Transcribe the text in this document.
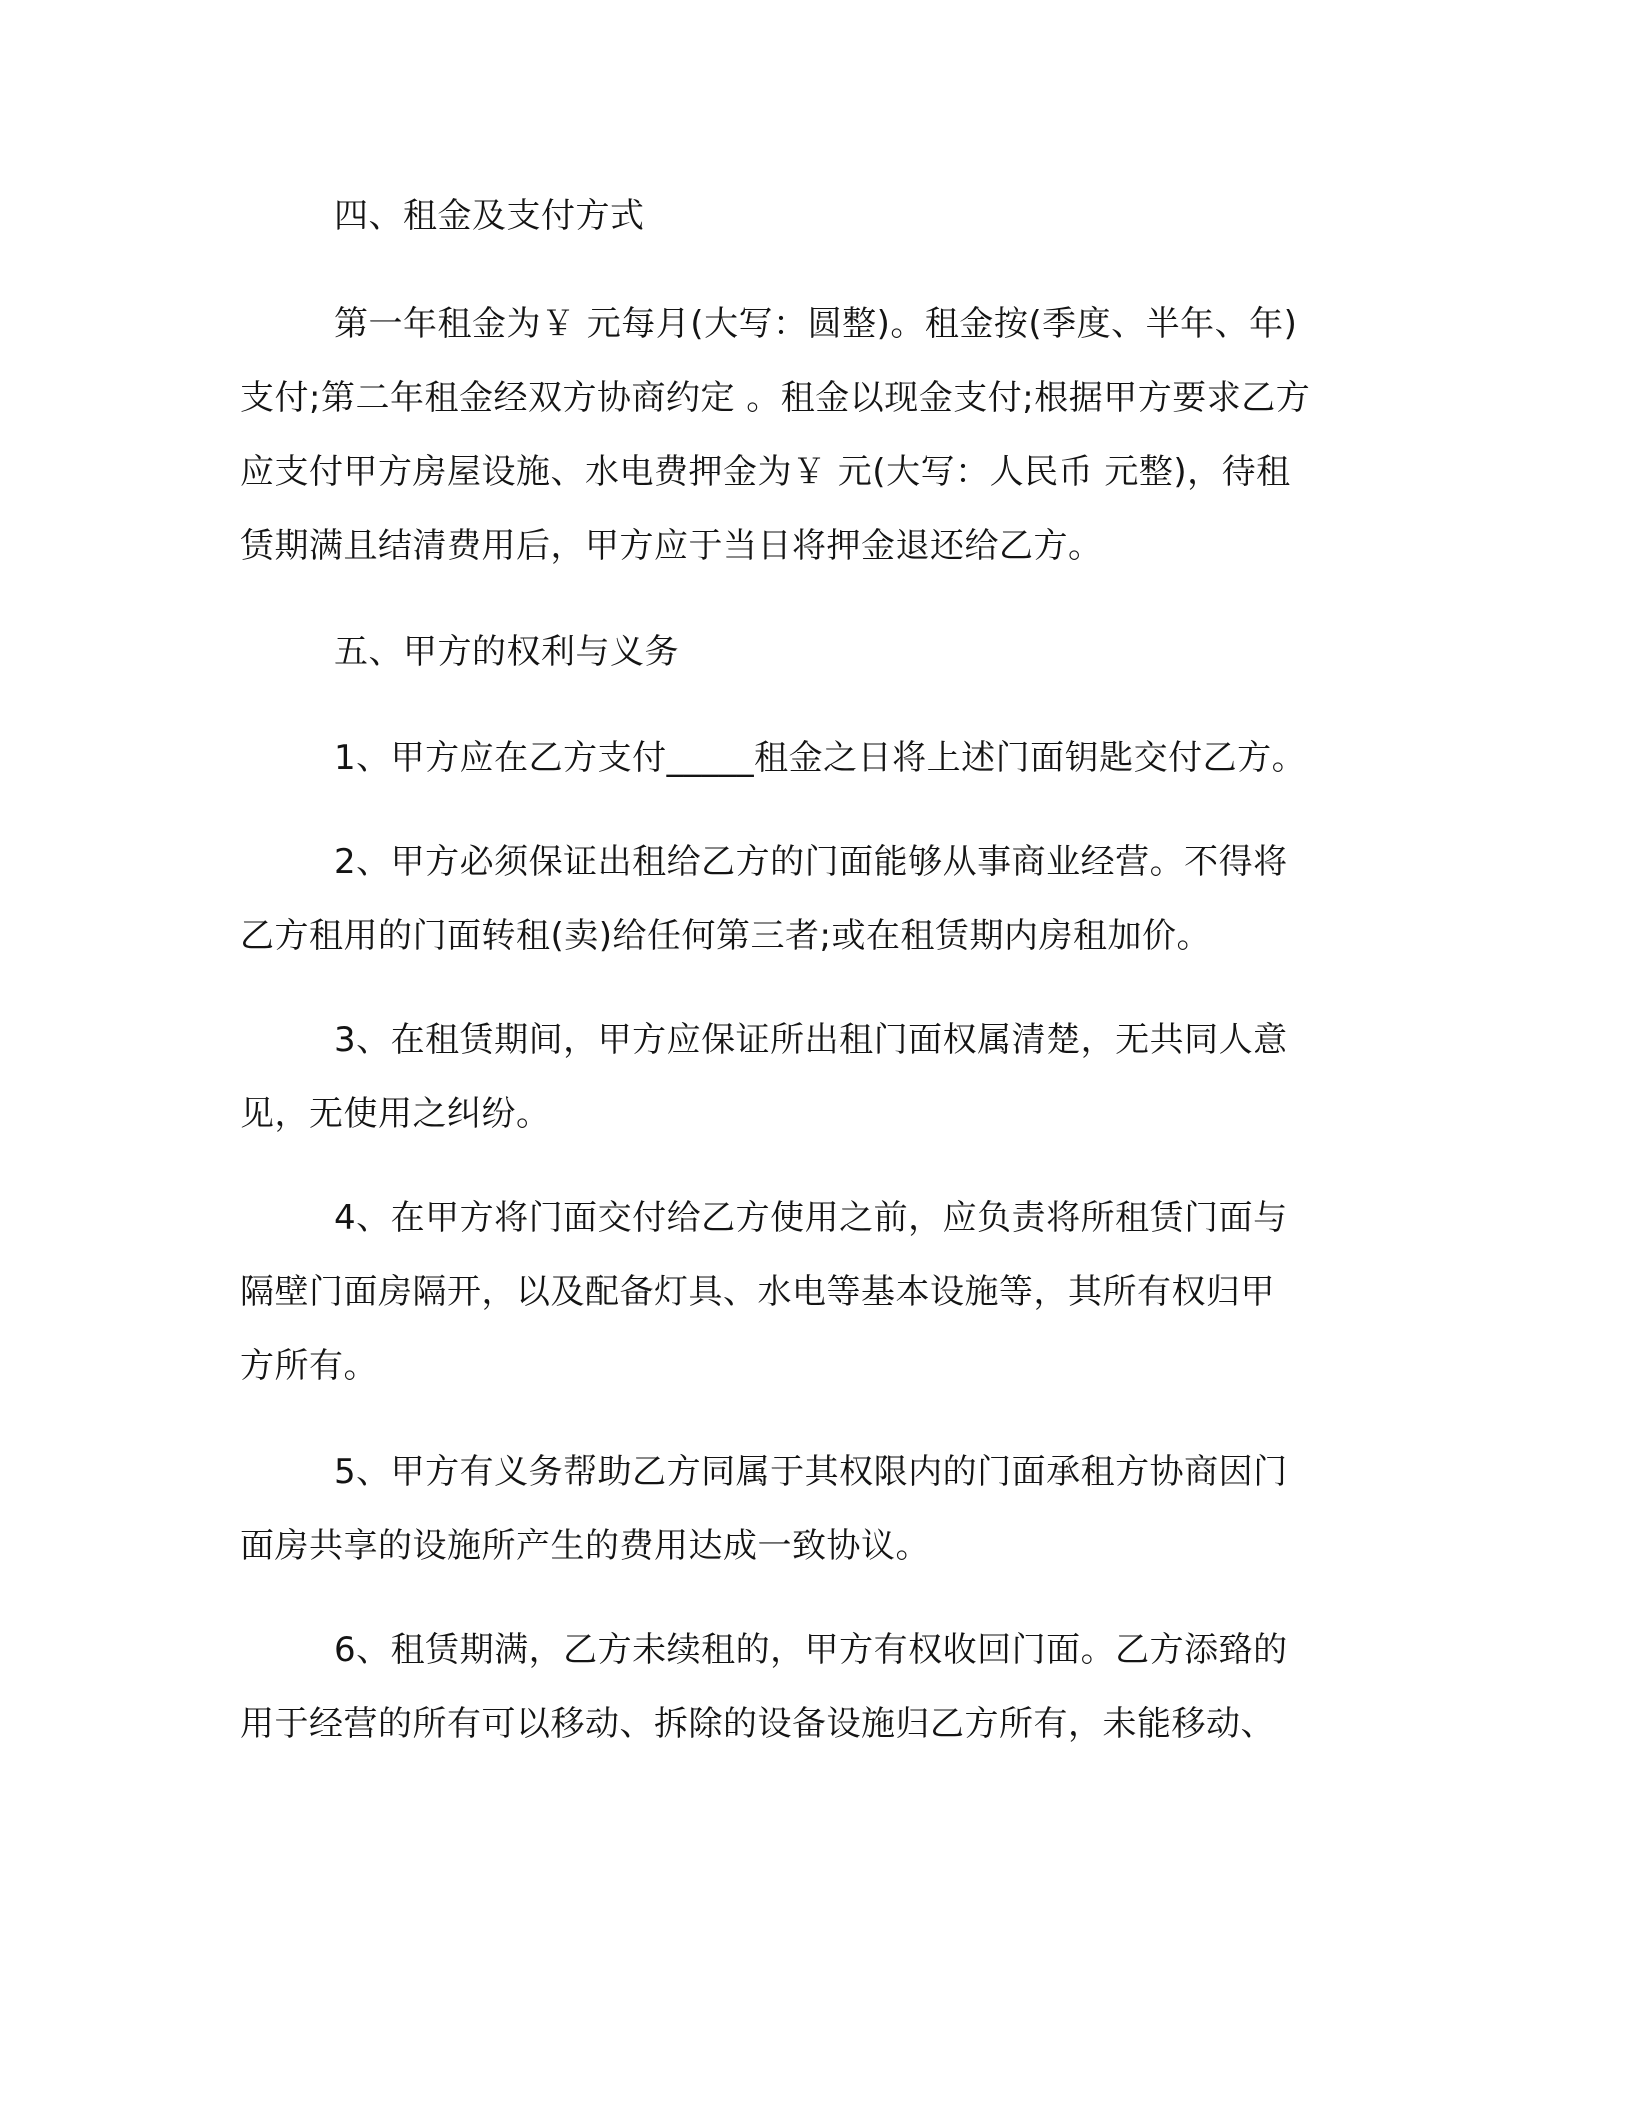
四、租金及支付方式
第一年租金为￥ 元每月(大写：圆整)。租金按(季度、半年、年)
支付;第二年租金经双方协商约定 。租金以现金支付;根据甲方要求乙方
应支付甲方房屋设施、水电费押金为￥ 元(大写：人民币 元整)，待租
赁期满且结清费用后，甲方应于当日将押金退还给乙方。
五、甲方的权利与义务
1、甲方应在乙方支付_____租金之日将上述门面钥匙交付乙方。
2、甲方必须保证出租给乙方的门面能够从事商业经营。不得将
乙方租用的门面转租(卖)给任何第三者;或在租赁期内房租加价。
3、在租赁期间，甲方应保证所出租门面权属清楚，无共同人意
见，无使用之纠纷。
4、在甲方将门面交付给乙方使用之前，应负责将所租赁门面与
隔壁门面房隔开，以及配备灯具、水电等基本设施等，其所有权归甲
方所有。
5、甲方有义务帮助乙方同属于其权限内的门面承租方协商因门
面房共享的设施所产生的费用达成一致协议。
6、租赁期满，乙方未续租的，甲方有权收回门面。乙方添臵的
用于经营的所有可以移动、拆除的设备设施归乙方所有，未能移动、
